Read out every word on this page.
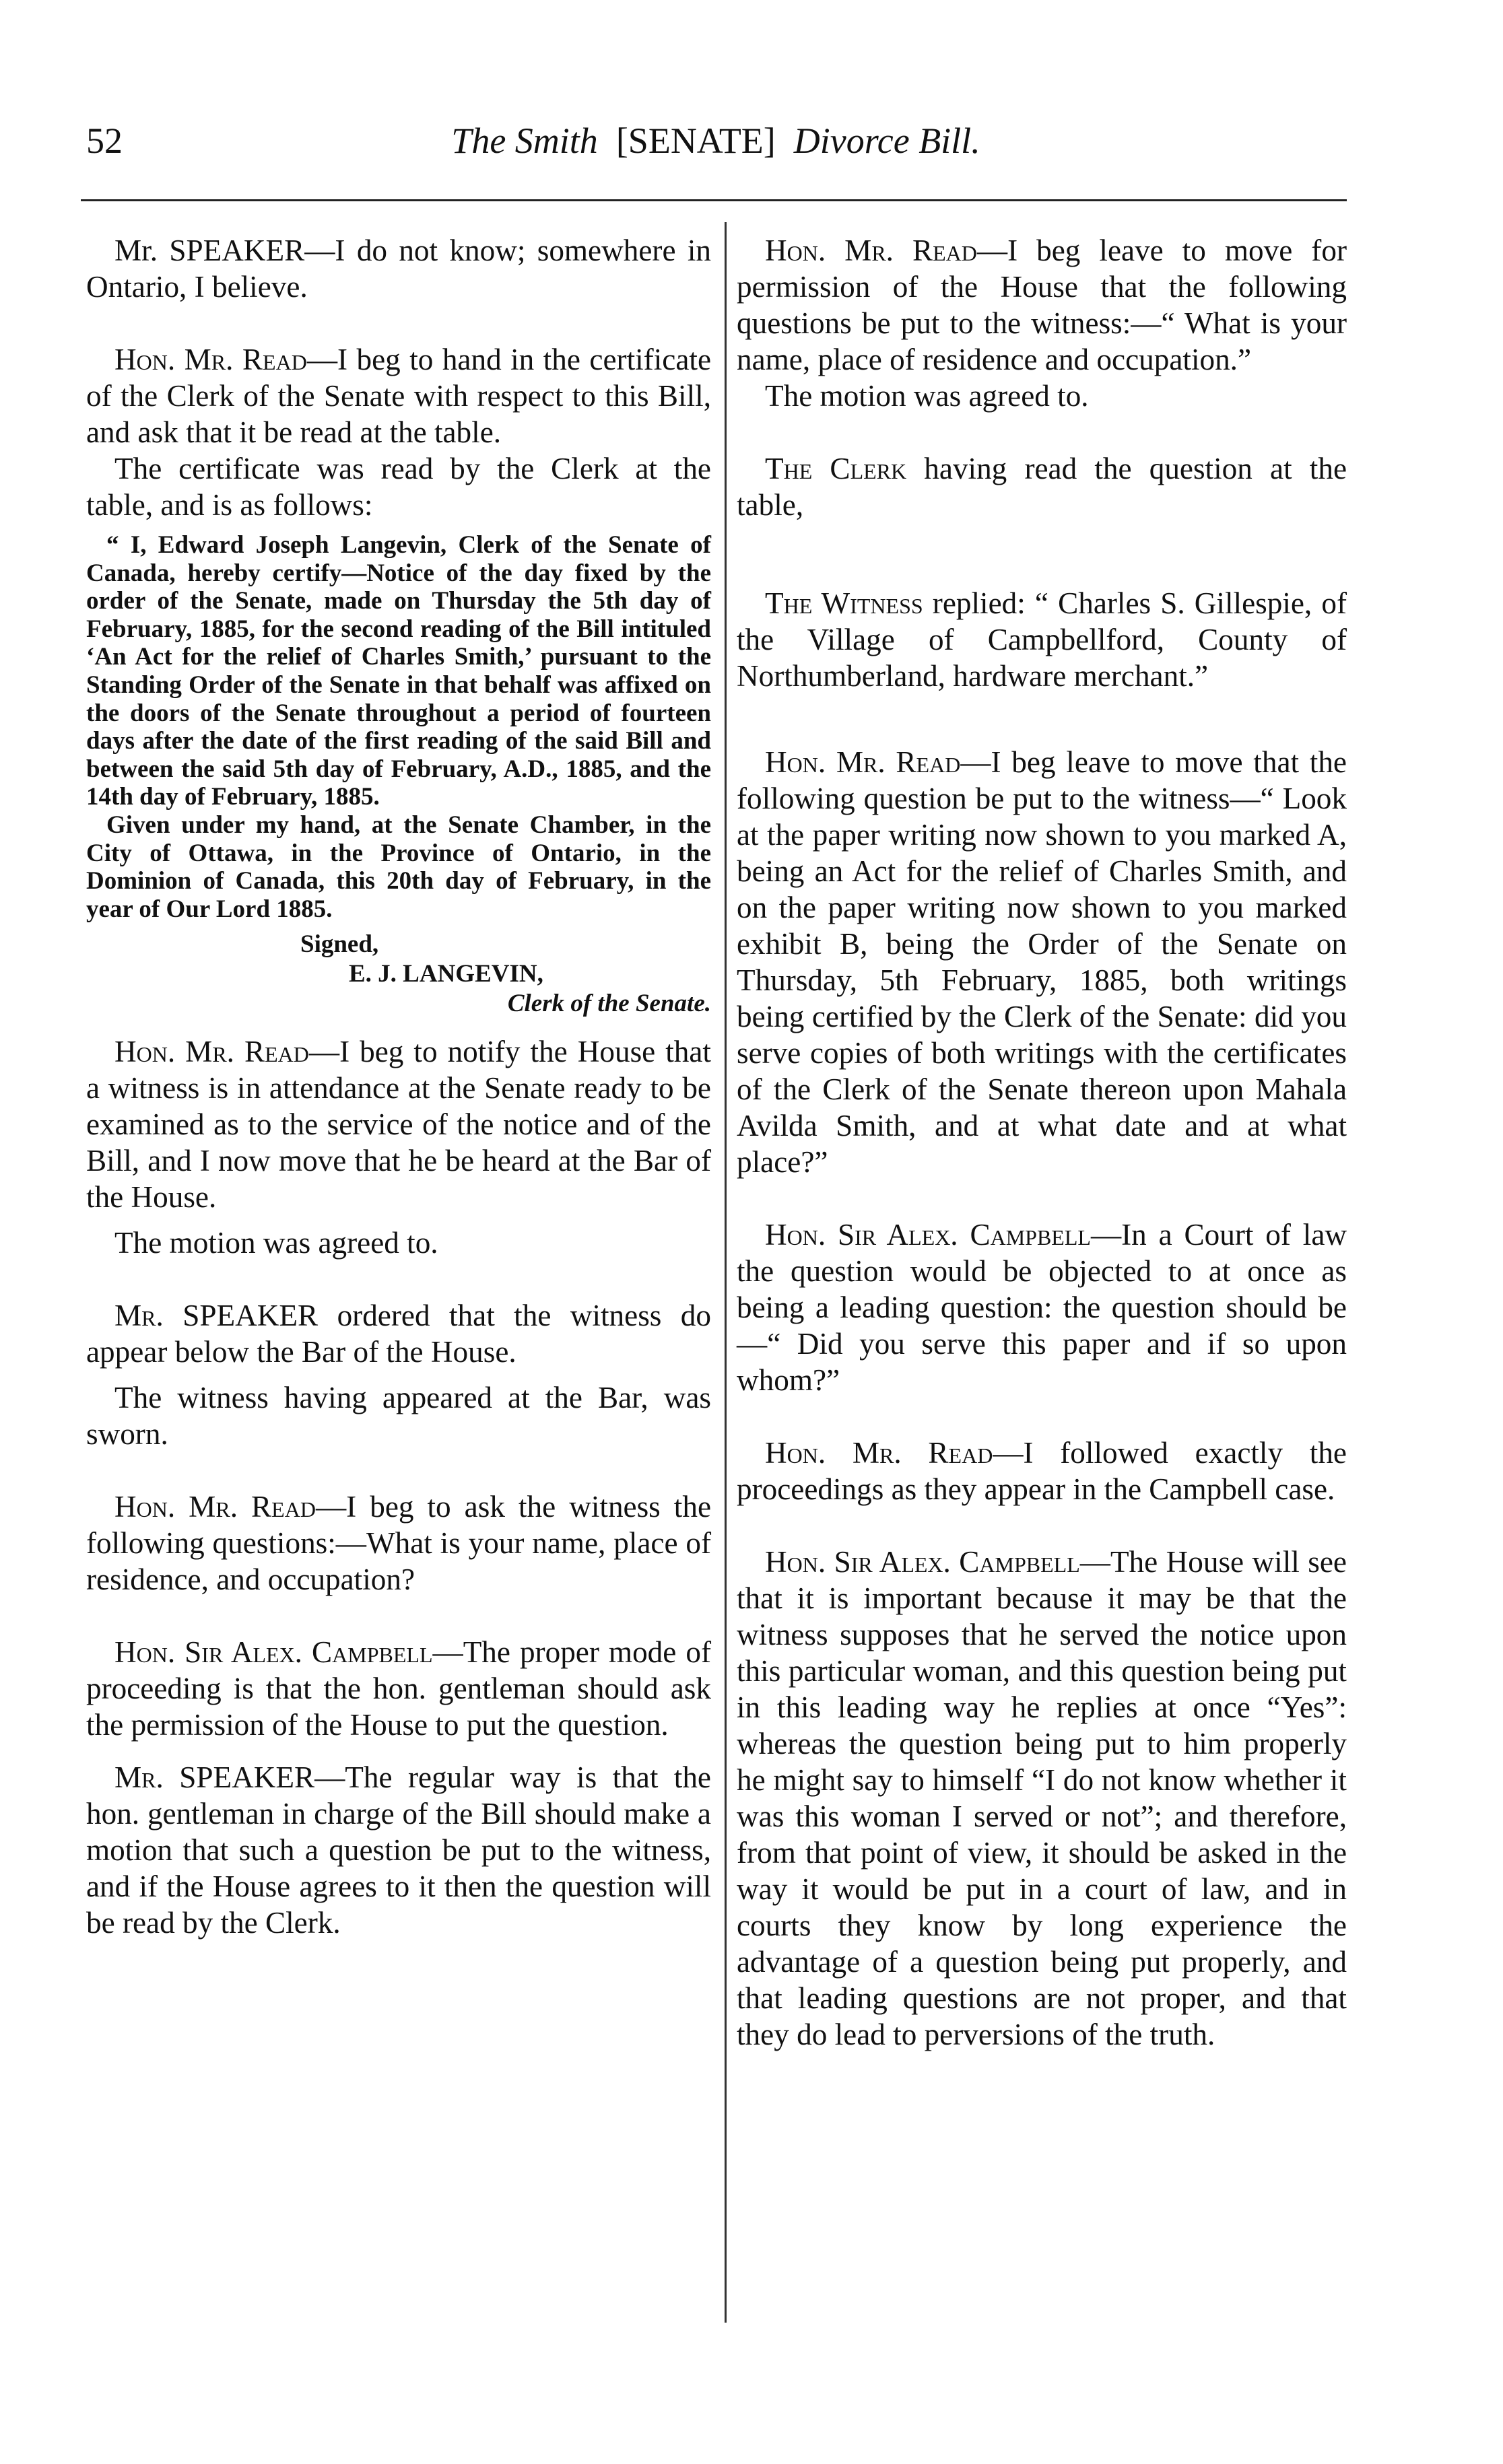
52	The Smith [SENATE] Divorce Bill.

Mr. SPEAKER—I do not know; somewhere in Ontario, I believe.

Hon. Mr. Read—I beg to hand in the certificate of the Clerk of the Senate with respect to this Bill, and ask that it be read at the table.

The certificate was read by the Clerk at the table, and is as follows:

“ I, Edward Joseph Langevin, Clerk of the Senate of Canada, hereby certify—Notice of the day fixed by the order of the Senate, made on Thursday the 5th day of February, 1885, for the second reading of the Bill intituled ‘An Act for the relief of Charles Smith,’ pursuant to the Standing Order of the Senate in that behalf was affixed on the doors of the Senate throughout a period of fourteen days after the date of the first reading of the said Bill and between the said 5th day of February, A.D., 1885, and the 14th day of February, 1885.

Given under my hand, at the Senate Chamber, in the City of Ottawa, in the Province of Ontario, in the Dominion of Canada, this 20th day of February, in the year of Our Lord 1885.

Signed,
E. J. LANGEVIN,
Clerk of the Senate.

Hon. Mr. Read—I beg to notify the House that a witness is in attendance at the Senate ready to be examined as to the service of the notice and of the Bill, and I now move that he be heard at the Bar of the House.

The motion was agreed to.

Mr. SPEAKER ordered that the witness do appear below the Bar of the House.

The witness having appeared at the Bar, was sworn.

Hon. Mr. Read—I beg to ask the witness the following questions:—What is your name, place of residence, and occupation?

Hon. Sir Alex. Campbell—The proper mode of proceeding is that the hon. gentleman should ask the permission of the House to put the question.

Mr. SPEAKER—The regular way is that the hon. gentleman in charge of the Bill should make a motion that such a question be put to the witness, and if the House agrees to it then the question will be read by the Clerk.

Hon. Mr. Read—I beg leave to move for permission of the House that the following questions be put to the witness:—“ What is your name, place of residence and occupation.”

The motion was agreed to.

The Clerk having read the question at the table,

The Witness replied: “ Charles S. Gillespie, of the Village of Campbellford, County of Northumberland, hardware merchant.”

Hon. Mr. Read—I beg leave to move that the following question be put to the witness—“ Look at the paper writing now shown to you marked A, being an Act for the relief of Charles Smith, and on the paper writing now shown to you marked exhibit B, being the Order of the Senate on Thursday, 5th February, 1885, both writings being certified by the Clerk of the Senate: did you serve copies of both writings with the certificates of the Clerk of the Senate thereon upon Mahala Avilda Smith, and at what date and at what place?”

Hon. Sir Alex. Campbell—In a Court of law the question would be objected to at once as being a leading question: the question should be—“ Did you serve this paper and if so upon whom?”

Hon. Mr. Read—I followed exactly the proceedings as they appear in the Campbell case.

Hon. Sir Alex. Campbell—The House will see that it is important because it may be that the witness supposes that he served the notice upon this particular woman, and this question being put in this leading way he replies at once “Yes”: whereas the question being put to him properly he might say to himself “I do not know whether it was this woman I served or not”; and therefore, from that point of view, it should be asked in the way it would be put in a court of law, and in courts they know by long experience the advantage of a question being put properly, and that leading questions are not proper, and that they do lead to perversions of the truth.
